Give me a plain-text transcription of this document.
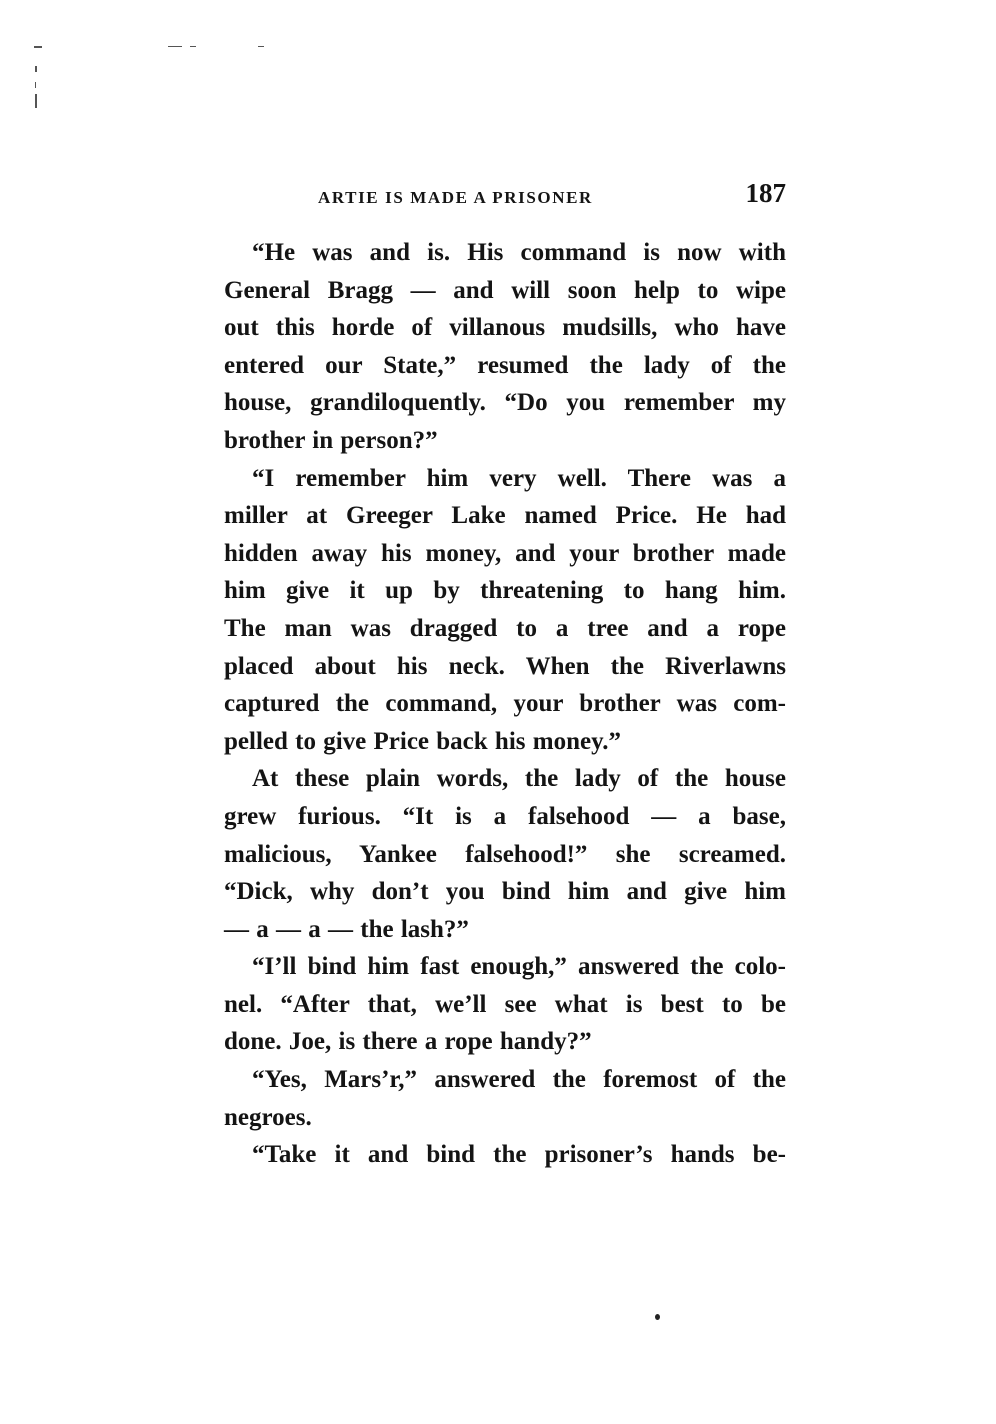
ARTIE IS MADE A PRISONER	187

“He was and is. His command is now with
General Bragg — and will soon help to wipe
out this horde of villanous mudsills, who have
entered our State,” resumed the lady of the
house, grandiloquently. “Do you remember my
brother in person?”

“I remember him very well. There was a
miller at Greeger Lake named Price. He had
hidden away his money, and your brother made
him give it up by threatening to hang him.
The man was dragged to a tree and a rope
placed about his neck. When the Riverlawns
captured the command, your brother was com-
pelled to give Price back his money.”

At these plain words, the lady of the house
grew furious. “It is a falsehood — a base,
malicious, Yankee falsehood!” she screamed.
“Dick, why don’t you bind him and give him
— a — a — the lash?”

“I’ll bind him fast enough,” answered the colo-
nel. “After that, we’ll see what is best to be
done. Joe, is there a rope handy?”

“Yes, Mars’r,” answered the foremost of the
negroes.

“Take it and bind the prisoner’s hands be-
